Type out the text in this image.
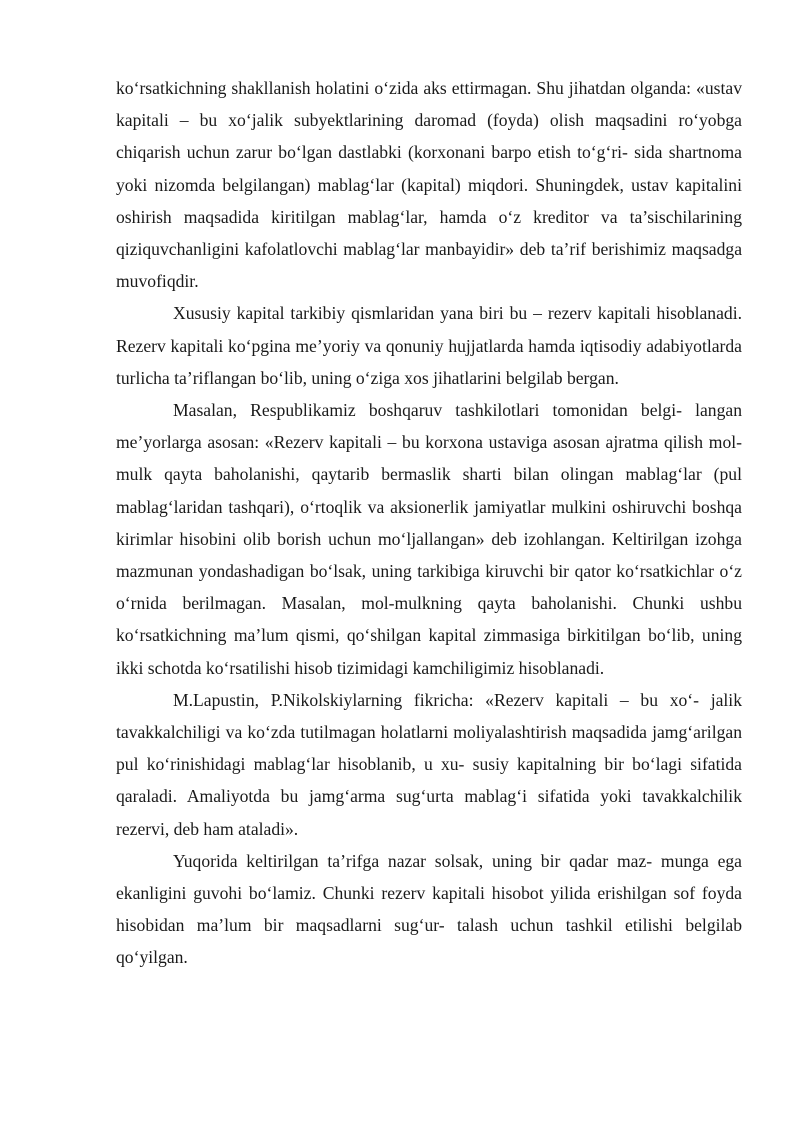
ko‘rsatkichning shakllanish holatini o‘zida aks ettirmagan. Shu jihatdan olganda: «ustav kapitali – bu xo‘jalik subyektlarining daromad (foyda) olish maqsadini ro‘yobga chiqarish uchun zarur bo‘lgan dastlabki (korxonani barpo etish to‘g‘ri- sida shartnoma yoki nizomda belgilangan) mablag‘lar (kapital) miqdori. Shuningdek, ustav kapitalini oshirish maqsadida kiritilgan mablag‘lar, hamda o‘z kreditor va ta’sischilarining qiziquvchanligini kafolatlovchi mablag‘lar manbayidir» deb ta’rif berishimiz maqsadga muvofiqdir.

Xususiy kapital tarkibiy qismlaridan yana biri bu – rezerv kapitali hisoblanadi. Rezerv kapitali ko‘pgina me’yoriy va qonuniy hujjatlarda hamda iqtisodiy adabiyotlarda turlicha ta’riflangan bo‘lib, uning o‘ziga xos jihatlarini belgilab bergan.

Masalan, Respublikamiz boshqaruv tashkilotlari tomonidan belgi- langan me’yorlarga asosan: «Rezerv kapitali – bu korxona ustaviga asosan ajratma qilish mol-mulk qayta baholanishi, qaytarib bermaslik sharti bilan olingan mablag‘lar (pul mablag‘laridan tashqari), o‘rtoqlik va aksionerlik jamiyatlar mulkini oshiruvchi boshqa kirimlar hisobini olib borish uchun mo‘ljallangan» deb izohlangan. Keltirilgan izohga mazmunan yondashadigan bo‘lsak, uning tarkibiga kiruvchi bir qator ko‘rsatkichlar o‘z o‘rnida berilmagan. Masalan, mol-mulkning qayta baholanishi. Chunki ushbu ko‘rsatkichning ma’lum qismi, qo‘shilgan kapital zimmasiga birkitilgan bo‘lib, uning ikki schotda ko‘rsatilishi hisob tizimidagi kamchiligimiz hisoblanadi.

M.Lapustin, P.Nikolskiylarning fikricha: «Rezerv kapitali – bu xo‘- jalik tavakkalchiligi va ko‘zda tutilmagan holatlarni moliyalashtirish maqsadida jamg‘arilgan pul ko‘rinishidagi mablag‘lar hisoblanib, u xu- susiy kapitalning bir bo‘lagi sifatida qaraladi. Amaliyotda bu jamg‘arma sug‘urta mablag‘i sifatida yoki tavakkalchilik rezervi, deb ham ataladi».

Yuqorida keltirilgan ta’rifga nazar solsak, uning bir qadar maz- munga ega ekanligini guvohi bo‘lamiz. Chunki rezerv kapitali hisobot yilida erishilgan sof foyda hisobidan ma’lum bir maqsadlarni sug‘ur- talash uchun tashkil etilishi belgilab qo‘yilgan.
